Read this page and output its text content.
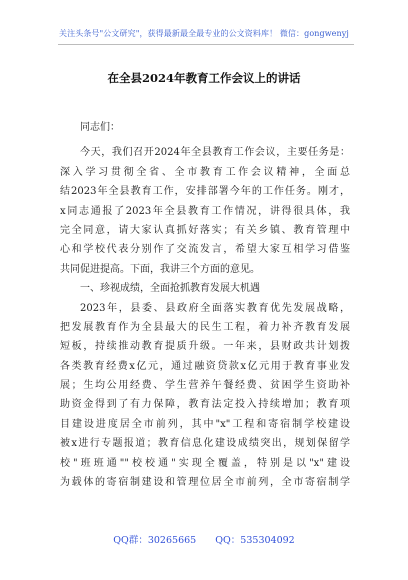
关注头条号"公文研究"，获得最新最全最专业的公文资料库！ 微信：gongwenyj
在全县2024年教育工作会议上的讲话
同志们：
今天，我们召开2024年全县教育工作会议，主要任务是：
深入学习贯彻全省、全市教育工作会议精神，全面总
结2023年全县教育工作，安排部署今年的工作任务。刚才，
x同志通报了2023年全县教育工作情况，讲得很具体，我
完全同意，请大家认真抓好落实；有关乡镇、教育管理中
心和学校代表分别作了交流发言，希望大家互相学习借鉴
共同促进提高。下面，我讲三个方面的意见。
一、珍视成绩，全面抢抓教育发展大机遇
2023年，县委、县政府全面落实教育优先发展战略，
把发展教育作为全县最大的民生工程，着力补齐教育发展
短板，持续推动教育提质升级。一年来，县财政共计划拨
各类教育经费x亿元，通过融资贷款x亿元用于教育事业发
展；生均公用经费、学生营养午餐经费、贫困学生资助补
助资金得到了有力保障，教育法定投入持续增加；教育项
目建设进度居全市前列，其中"x"工程和寄宿制学校建设
被x进行专题报道；教育信息化建设成绩突出，规划保留学
校"班班通""校校通"实现全覆盖，特别是以"x"建设
为载体的寄宿制建设和管理位居全市前列，全市寄宿制学
QQ群：30265665 QQ：535304092
